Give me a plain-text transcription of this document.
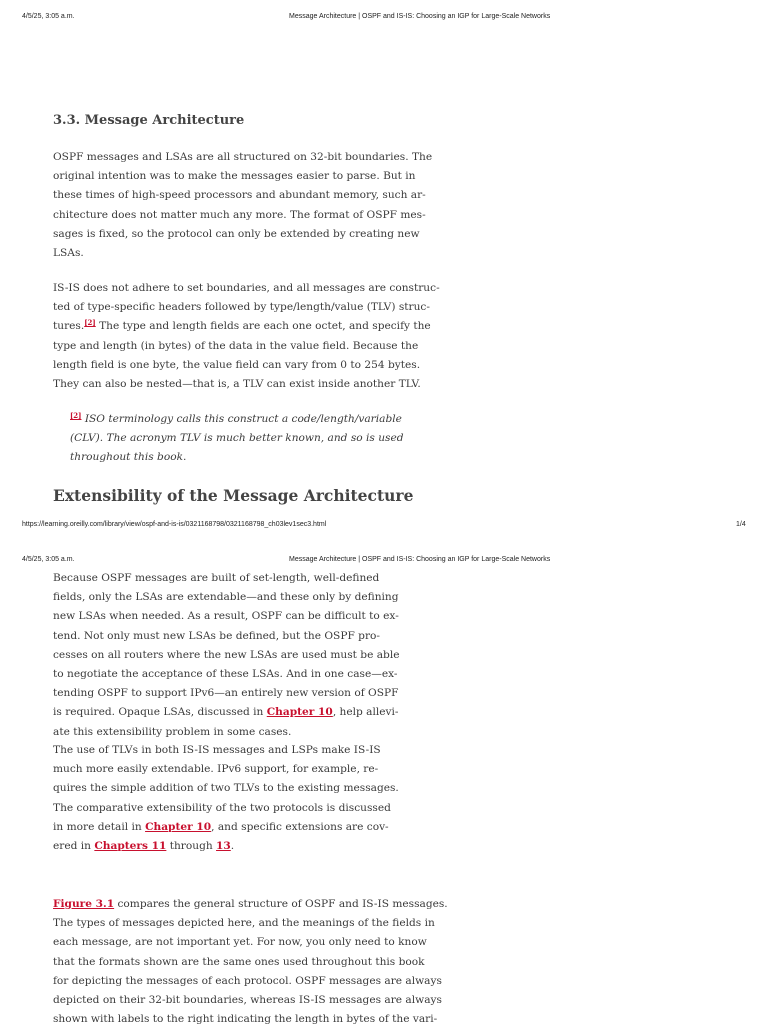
4/5/25, 3:05 a.m.	Message Architecture | OSPF and IS-IS: Choosing an IGP for Large-Scale Networks
3.3. Message Architecture

OSPF messages and LSAs are all structured on 32-bit boundaries. The
original intention was to make the messages easier to parse. But in
these times of high-speed processors and abundant memory, such ar-
chitecture does not matter much any more. The format of OSPF mes-
sages is fixed, so the protocol can only be extended by creating new
LSAs.

IS-IS does not adhere to set boundaries, and all messages are construc-
ted of type-specific headers followed by type/length/value (TLV) struc-
tures.[2] The type and length fields are each one octet, and specify the
type and length (in bytes) of the data in the value field. Because the
length field is one byte, the value field can vary from 0 to 254 bytes.
They can also be nested—that is, a TLV can exist inside another TLV.

[2] ISO terminology calls this construct a code/length/variable
(CLV). The acronym TLV is much better known, and so is used
throughout this book.

Extensibility of the Message Architecture
https://learning.oreilly.com/library/view/ospf-and-is-is/0321168798/0321168798_ch03lev1sec3.html	1/4
4/5/25, 3:05 a.m.	Message Architecture | OSPF and IS-IS: Choosing an IGP for Large-Scale Networks

Because OSPF messages are built of set-length, well-defined
fields, only the LSAs are extendable—and these only by defining
new LSAs when needed. As a result, OSPF can be difficult to ex-
tend. Not only must new LSAs be defined, but the OSPF pro-
cesses on all routers where the new LSAs are used must be able
to negotiate the acceptance of these LSAs. And in one case—ex-
tending OSPF to support IPv6—an entirely new version of OSPF
is required. Opaque LSAs, discussed in Chapter 10, help allevi-
ate this extensibility problem in some cases.

The use of TLVs in both IS-IS messages and LSPs make IS-IS
much more easily extendable. IPv6 support, for example, re-
quires the simple addition of two TLVs to the existing messages.
The comparative extensibility of the two protocols is discussed
in more detail in Chapter 10, and specific extensions are cov-
ered in Chapters 11 through 13.

Figure 3.1 compares the general structure of OSPF and IS-IS messages.
The types of messages depicted here, and the meanings of the fields in
each message, are not important yet. For now, you only need to know
that the formats shown are the same ones used throughout this book
for depicting the messages of each protocol. OSPF messages are always
depicted on their 32-bit boundaries, whereas IS-IS messages are always
shown with labels to the right indicating the length in bytes of the vari-
